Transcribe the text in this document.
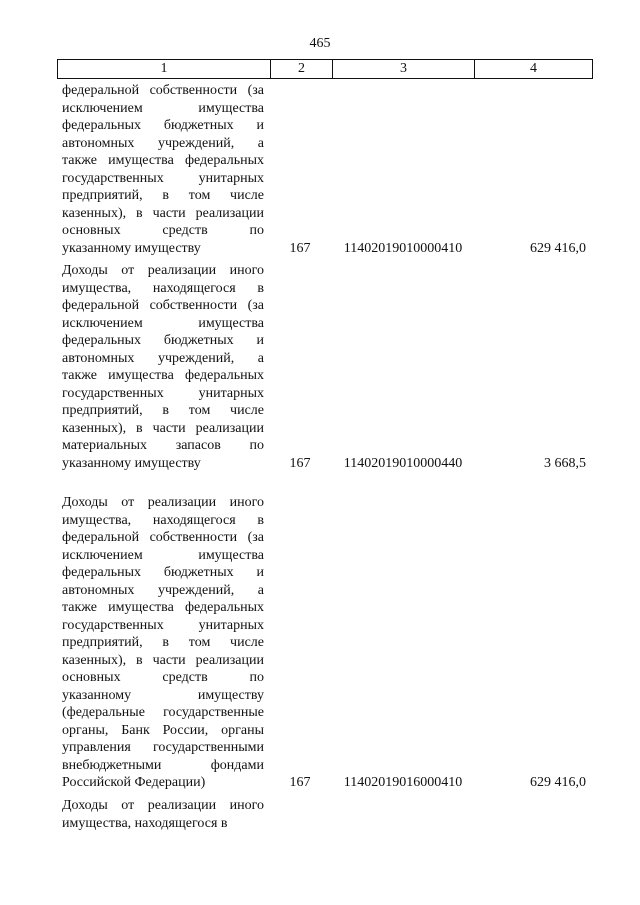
465
1	2	3	4

федеральной собственности (за
исключением имущества
федеральных бюджетных и
автономных учреждений, а
также имущества федеральных
государственных унитарных
предприятий, в том числе
казенных), в части реализации
основных средств по
указанному имуществу	167	11402019010000410	629 416,0

Доходы от реализации иного
имущества, находящегося в
федеральной собственности (за
исключением имущества
федеральных бюджетных и
автономных учреждений, а
также имущества федеральных
государственных унитарных
предприятий, в том числе
казенных), в части реализации
материальных запасов по
указанному имуществу	167	11402019010000440	3 668,5

Доходы от реализации иного
имущества, находящегося в
федеральной собственности (за
исключением имущества
федеральных бюджетных и
автономных учреждений, а
также имущества федеральных
государственных унитарных
предприятий, в том числе
казенных), в части реализации
основных средств по
указанному имуществу
(федеральные государственные
органы, Банк России, органы
управления государственными
внебюджетными фондами
Российской Федерации)	167	11402019016000410	629 416,0

Доходы от реализации иного
имущества, находящегося в
